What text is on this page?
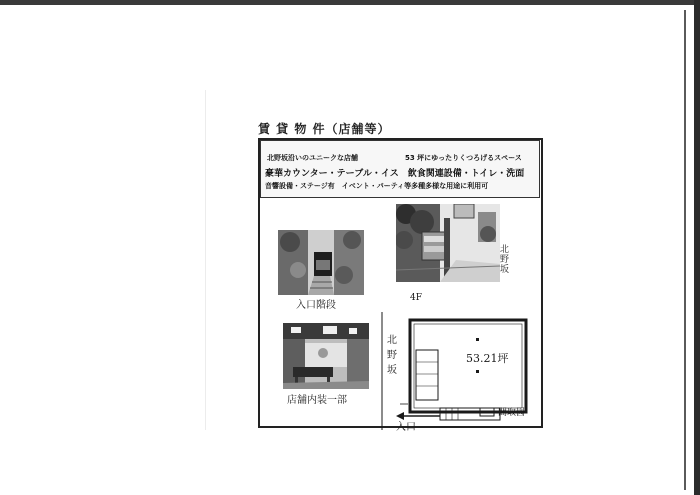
賃 貸 物 件（店舗等）
北野坂沿いのユニークな店舗	53 坪にゆったりくつろげるスペース
豪華カウンター・テーブル・イス　飲食関連設備・トイレ・洗面
音響設備・ステージ有　イベント・パーティ等多種多様な用途に利用可
入口階段
4F
北野坂
店舗内装一部
北野坂
53.21坪
入口
間取図
